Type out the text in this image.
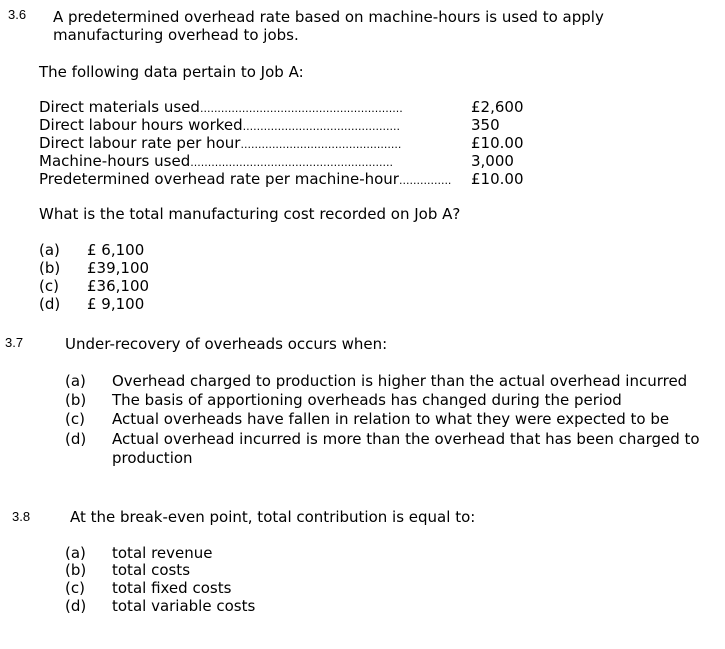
3.6 A predetermined overhead rate based on machine-hours is used to apply
manufacturing overhead to jobs.
The following data pertain to Job A:
Direct materials used..........................................................	£2,600
Direct labour hours worked.............................................	350
Direct labour rate per hour..............................................	£10.00
Machine-hours used..........................................................	3,000
Predetermined overhead rate per machine-hour............... £10.00
What is the total manufacturing cost recorded on Job A?
(a) £ 6,100
(b) £39,100
(c) £36,100
(d) £ 9,100
3.7	Under-recovery of overheads occurs when:
(a) Overhead charged to production is higher than the actual overhead incurred
(b) The basis of apportioning overheads has changed during the period
(c) Actual overheads have fallen in relation to what they were expected to be
(d) Actual overhead incurred is more than the overhead that has been charged to
production
3.8	At the break-even point, total contribution is equal to:
(a) total revenue
(b) total costs
(c) total fixed costs
(d) total variable costs
